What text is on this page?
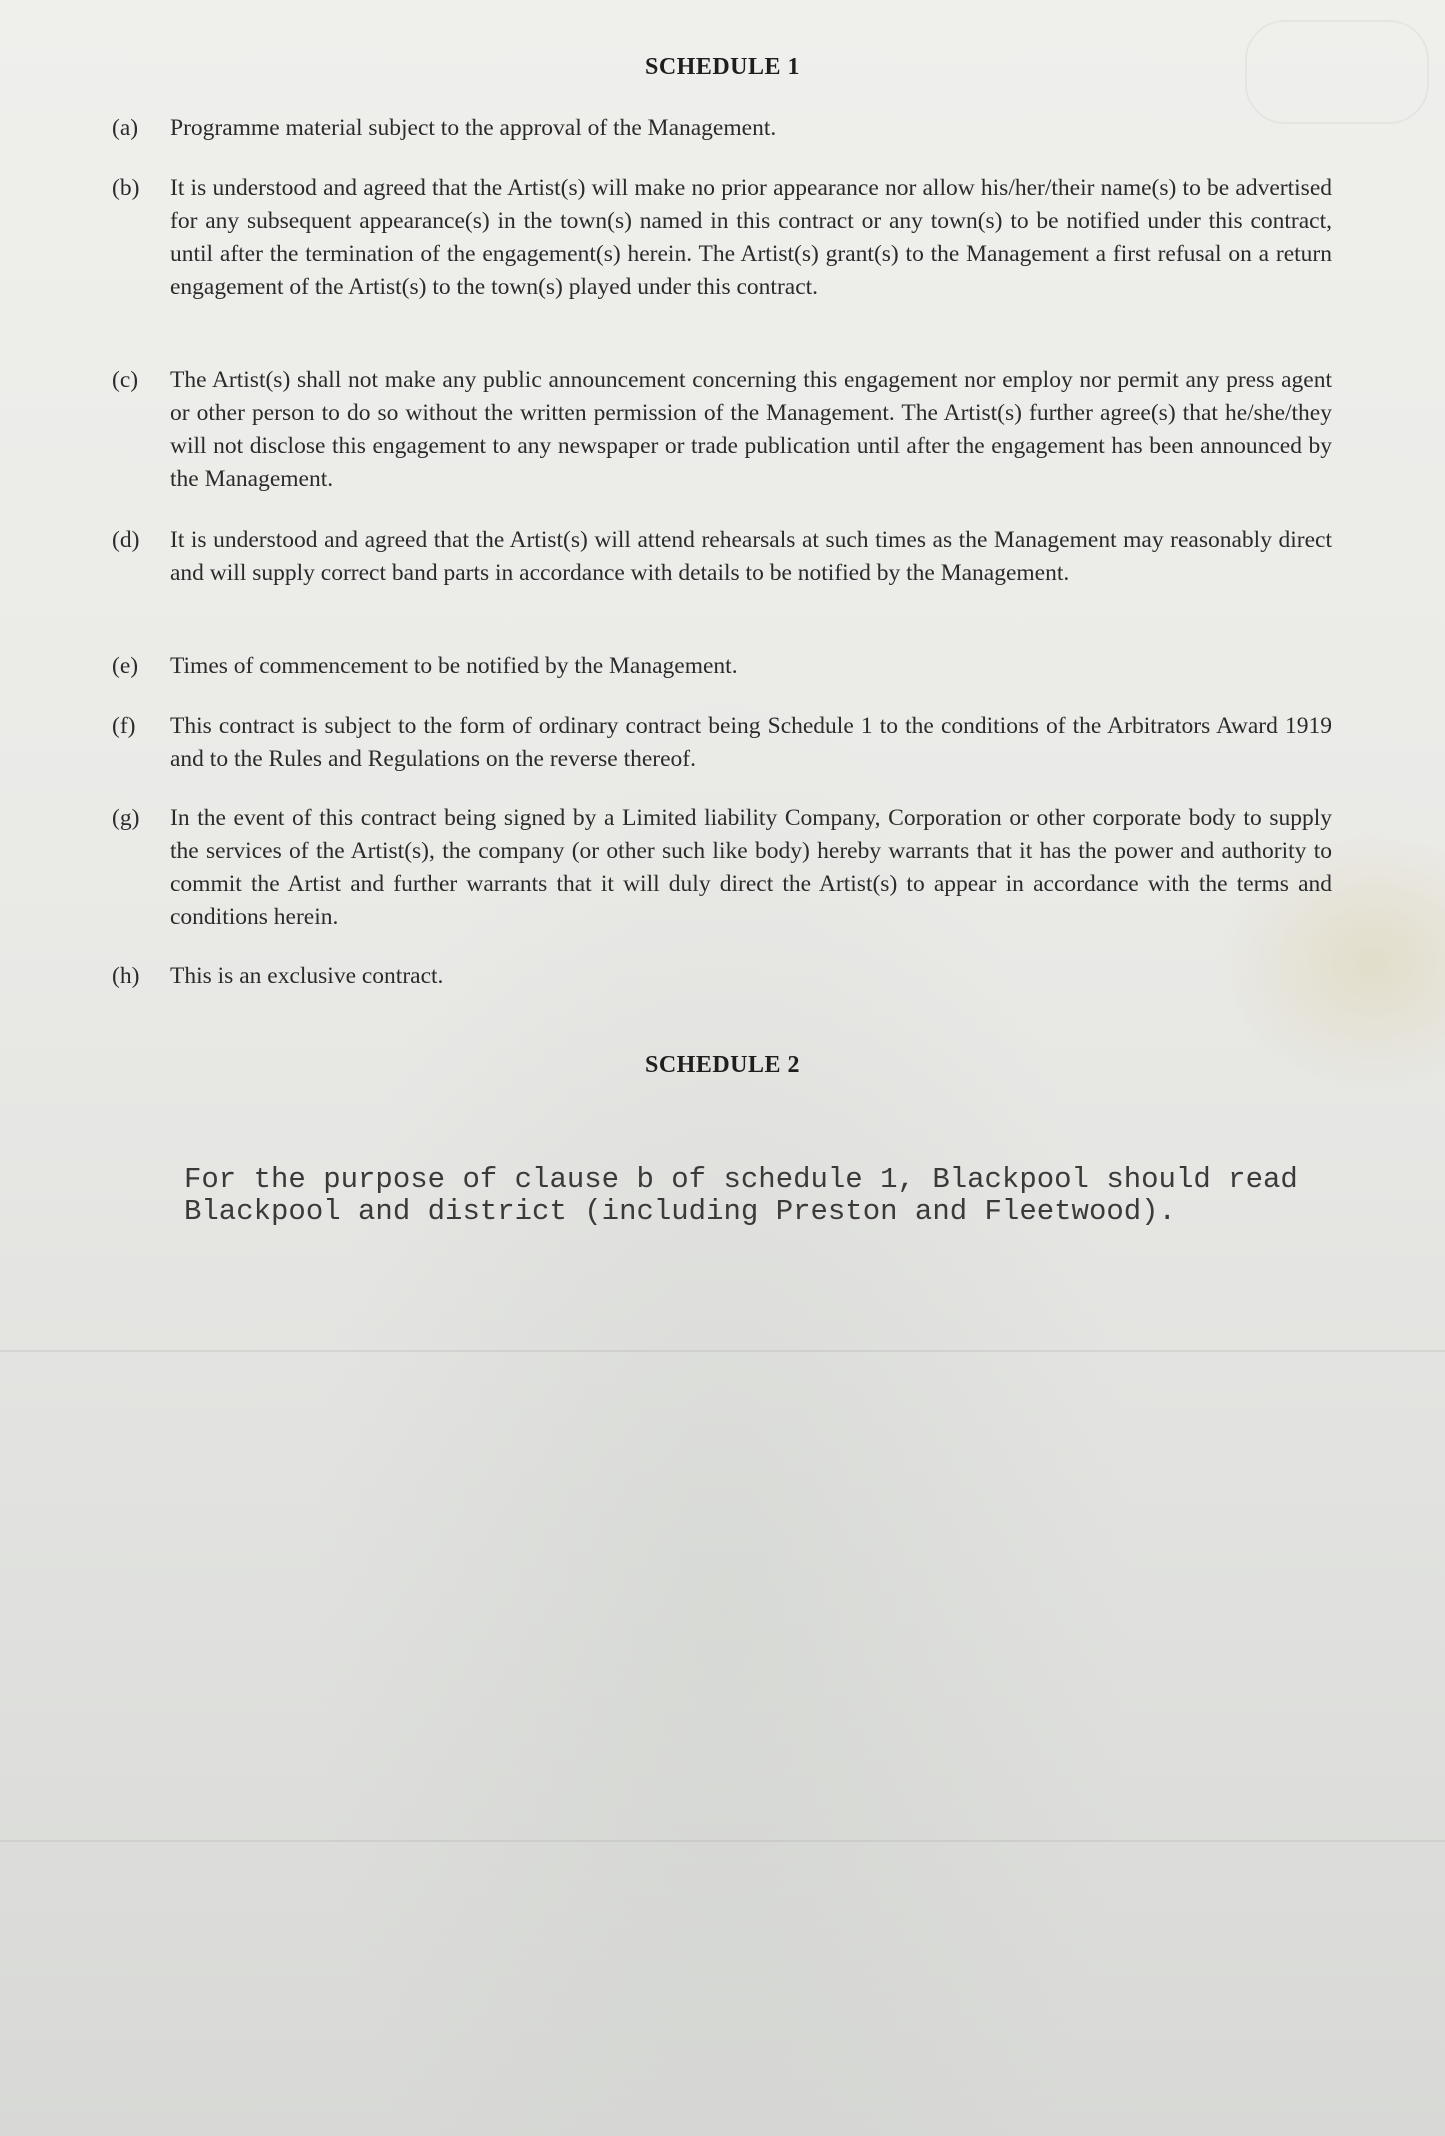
SCHEDULE 1
(a)	Programme material subject to the approval of the Management.
(b)	It is understood and agreed that the Artist(s) will make no prior appearance nor allow his/her/their name(s) to be advertised for any subsequent appearance(s) in the town(s) named in this contract or any town(s) to be notified under this contract, until after the termination of the engagement(s) herein. The Artist(s) grant(s) to the Management a first refusal on a return engagement of the Artist(s) to the town(s) played under this contract.
(c)	The Artist(s) shall not make any public announcement concerning this engagement nor employ nor permit any press agent or other person to do so without the written permission of the Management. The Artist(s) further agree(s) that he/she/they will not disclose this engagement to any newspaper or trade publication until after the engagement has been announced by the Management.
(d)	It is understood and agreed that the Artist(s) will attend rehearsals at such times as the Management may reasonably direct and will supply correct band parts in accordance with details to be notified by the Management.
(e)	Times of commencement to be notified by the Management.
(f)	This contract is subject to the form of ordinary contract being Schedule 1 to the conditions of the Arbitrators Award 1919 and to the Rules and Regulations on the reverse thereof.
(g)	In the event of this contract being signed by a Limited liability Company, Corporation or other corporate body to supply the services of the Artist(s), the company (or other such like body) hereby warrants that it has the power and authority to commit the Artist and further warrants that it will duly direct the Artist(s) to appear in accordance with the terms and conditions herein.
(h)	This is an exclusive contract.
SCHEDULE 2
For the purpose of clause b of schedule 1, Blackpool should read
Blackpool and district (including Preston and Fleetwood).
